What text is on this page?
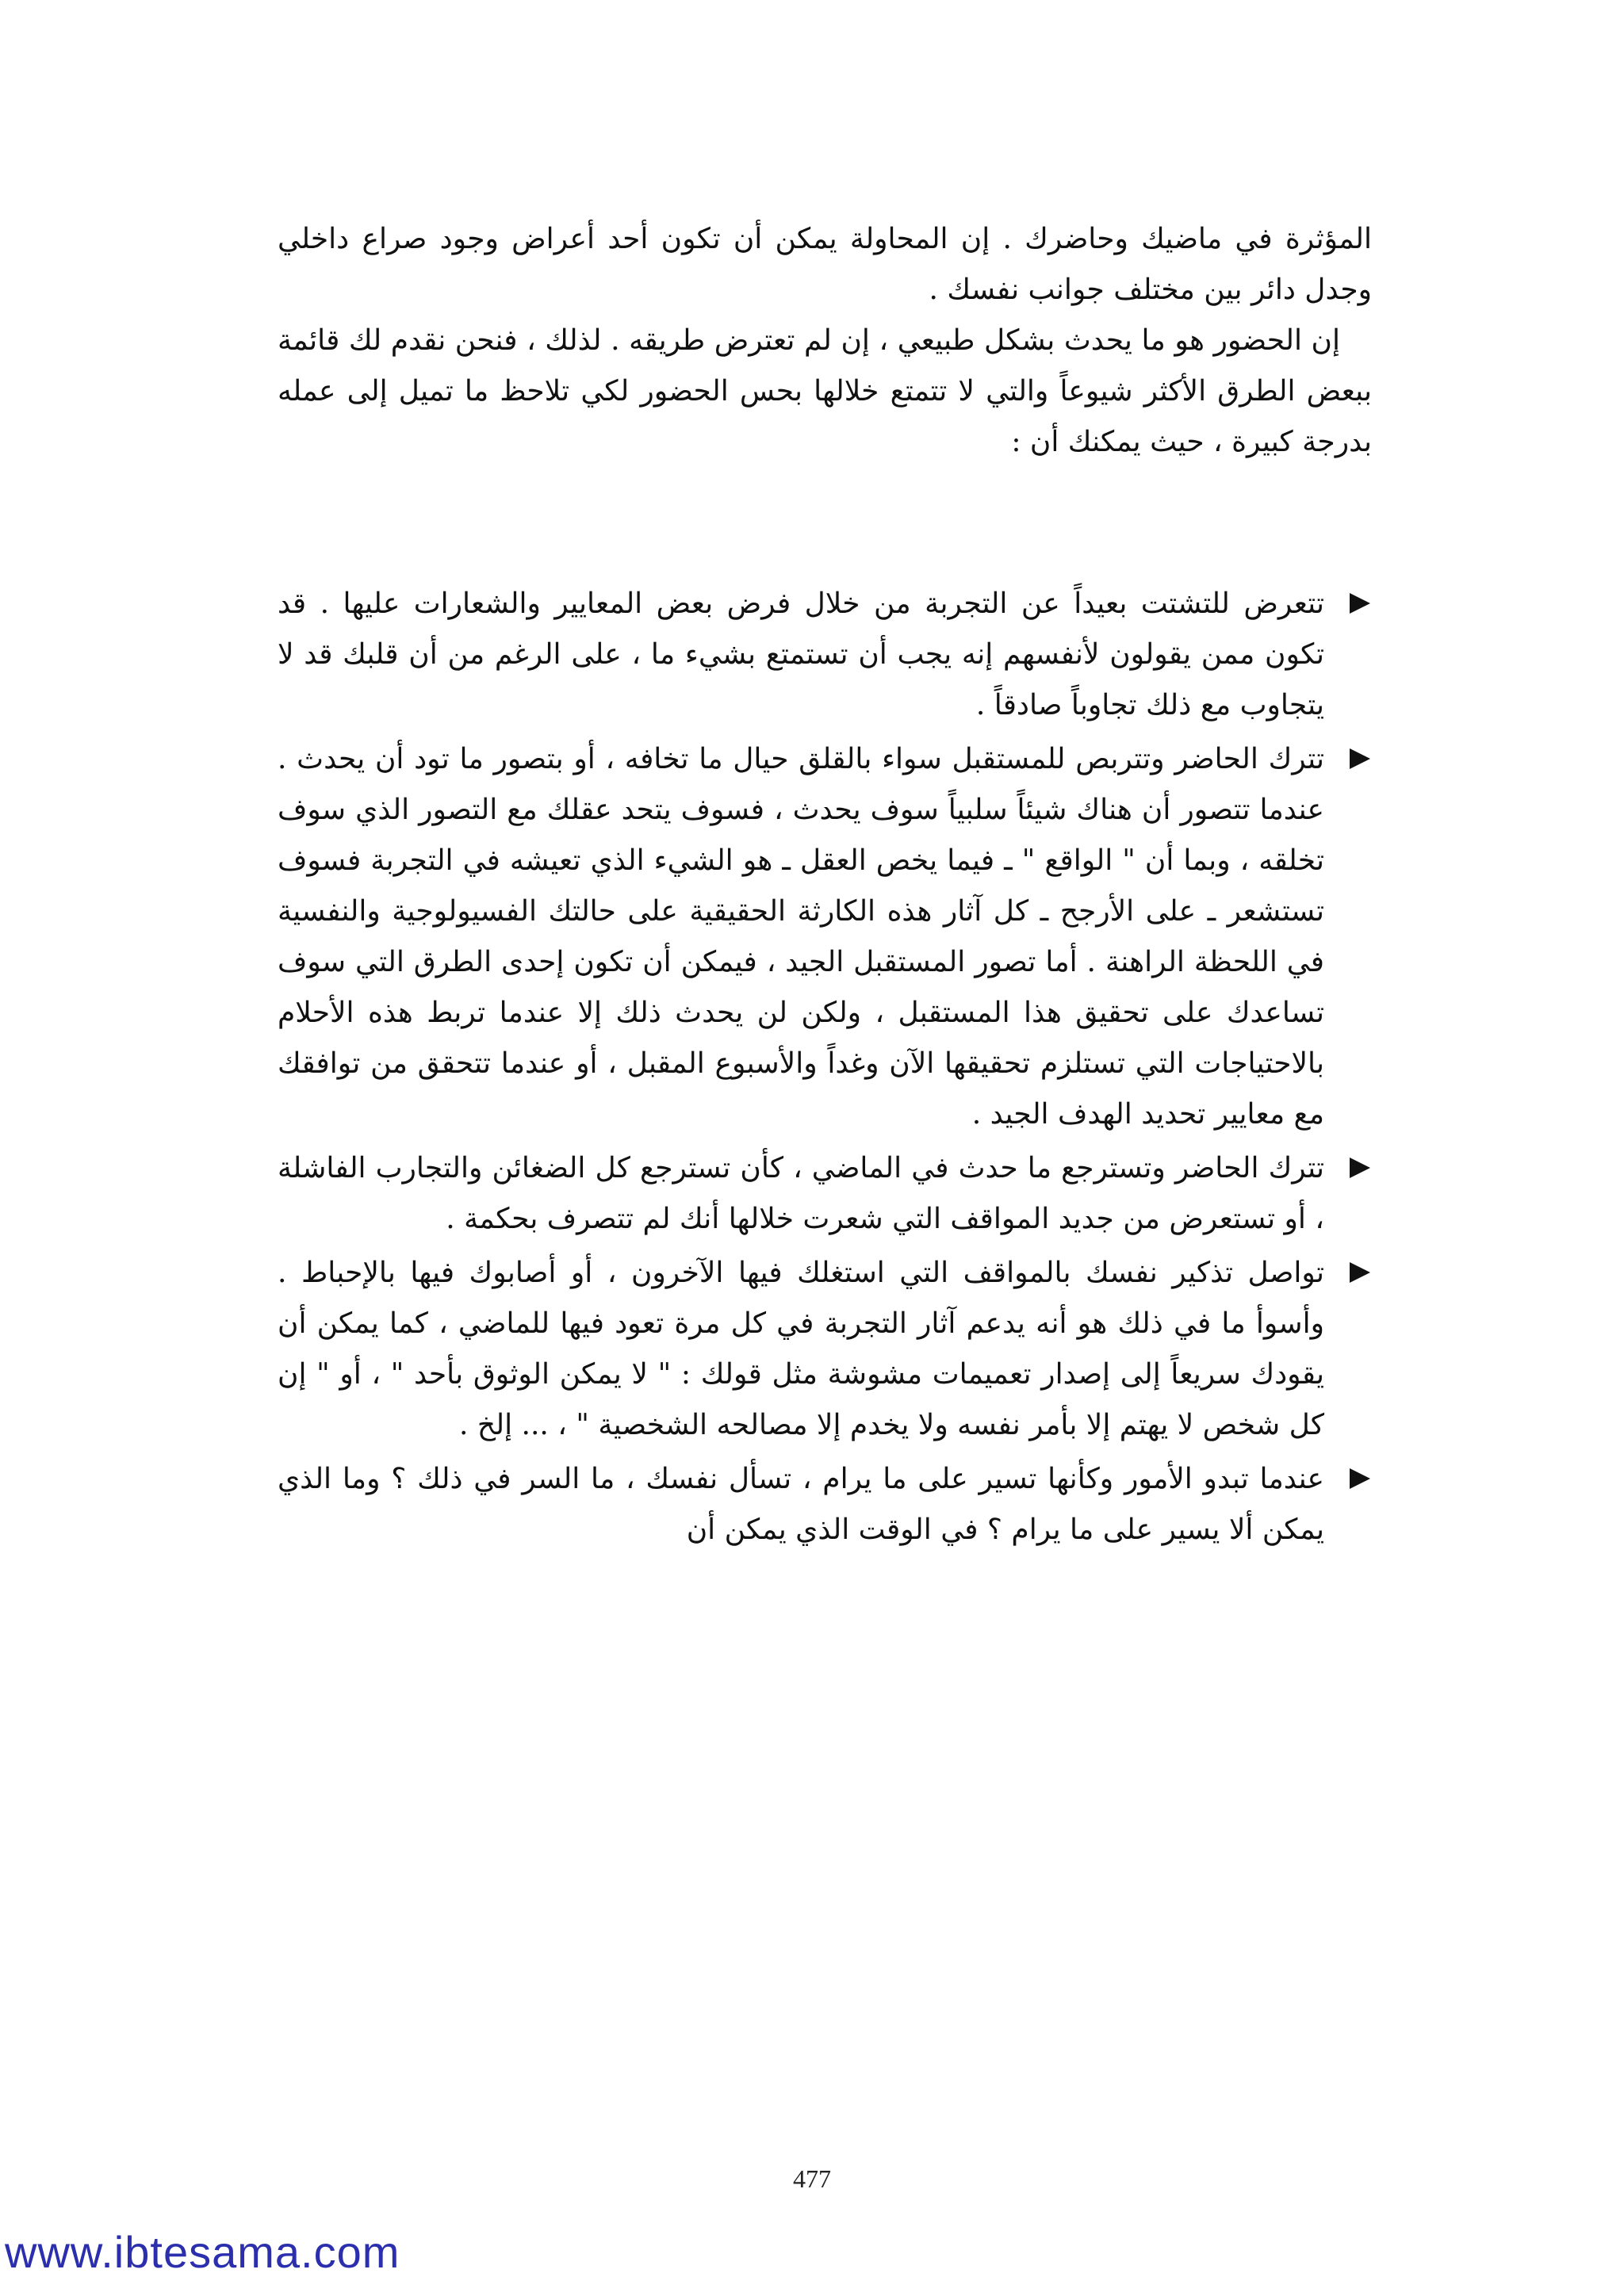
المؤثرة في ماضيك وحاضرك . إن المحاولة يمكن أن تكون أحد أعراض وجود صراع داخلي وجدل دائر بين مختلف جوانب نفسك .

إن الحضور هو ما يحدث بشكل طبيعي ، إن لم تعترض طريقه . لذلك ، فنحن نقدم لك قائمة ببعض الطرق الأكثر شيوعاً والتي لا تتمتع خلالها بحس الحضور لكي تلاحظ ما تميل إلى عمله بدرجة كبيرة ، حيث يمكنك أن :

تتعرض للتشتت بعيداً عن التجربة من خلال فرض بعض المعايير والشعارات عليها . قد تكون ممن يقولون لأنفسهم إنه يجب أن تستمتع بشيء ما ، على الرغم من أن قلبك قد لا يتجاوب مع ذلك تجاوباً صادقاً .
تترك الحاضر وتتربص للمستقبل سواء بالقلق حيال ما تخافه ، أو بتصور ما تود أن يحدث . عندما تتصور أن هناك شيئاً سلبياً سوف يحدث ، فسوف يتحد عقلك مع التصور الذي سوف تخلقه ، وبما أن " الواقع " ـ فيما يخص العقل ـ هو الشيء الذي تعيشه في التجربة فسوف تستشعر ـ على الأرجح ـ كل آثار هذه الكارثة الحقيقية على حالتك الفسيولوجية والنفسية في اللحظة الراهنة . أما تصور المستقبل الجيد ، فيمكن أن تكون إحدى الطرق التي سوف تساعدك على تحقيق هذا المستقبل ، ولكن لن يحدث ذلك إلا عندما تربط هذه الأحلام بالاحتياجات التي تستلزم تحقيقها الآن وغداً والأسبوع المقبل ، أو عندما تتحقق من توافقك مع معايير تحديد الهدف الجيد .
تترك الحاضر وتسترجع ما حدث في الماضي ، كأن تسترجع كل الضغائن والتجارب الفاشلة ، أو تستعرض من جديد المواقف التي شعرت خلالها أنك لم تتصرف بحكمة .
تواصل تذكير نفسك بالمواقف التي استغلك فيها الآخرون ، أو أصابوك فيها بالإحباط . وأسوأ ما في ذلك هو أنه يدعم آثار التجربة في كل مرة تعود فيها للماضي ، كما يمكن أن يقودك سريعاً إلى إصدار تعميمات مشوشة مثل قولك : " لا يمكن الوثوق بأحد " ، أو " إن كل شخص لا يهتم إلا بأمر نفسه ولا يخدم إلا مصالحه الشخصية " ، ... إلخ .
عندما تبدو الأمور وكأنها تسير على ما يرام ، تسأل نفسك ، ما السر في ذلك ؟ وما الذي يمكن ألا يسير على ما يرام ؟ في الوقت الذي يمكن أن
477
www.ibtesama.com
